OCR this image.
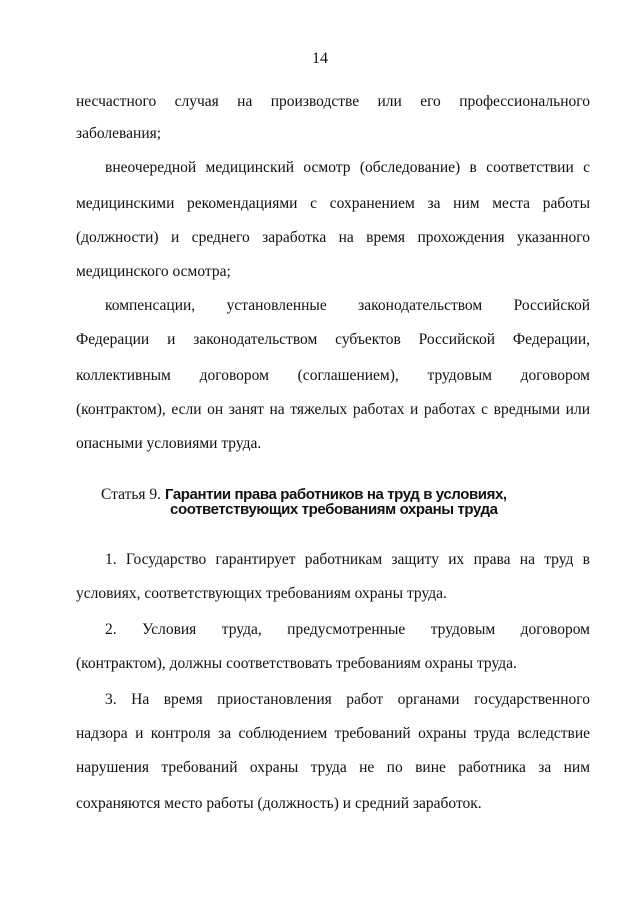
14
несчастного случая на производстве или его профессионального
заболевания;
внеочередной медицинский осмотр (обследование) в соответствии с
медицинскими рекомендациями с сохранением за ним места работы
(должности) и среднего заработка на время прохождения указанного
медицинского осмотра;
компенсации, установленные законодательством Российской
Федерации и законодательством субъектов Российской Федерации,
коллективным договором (соглашением), трудовым договором
(контрактом), если он занят на тяжелых работах и работах с вредными или
опасными условиями труда.
Статья 9. Гарантии права работников на труд в условиях,
соответствующих требованиям охраны труда
1. Государство гарантирует работникам защиту их права на труд в
условиях, соответствующих требованиям охраны труда.
2. Условия труда, предусмотренные трудовым договором
(контрактом), должны соответствовать требованиям охраны труда.
3. На время приостановления работ органами государственного
надзора и контроля за соблюдением требований охраны труда вследствие
нарушения требований охраны труда не по вине работника за ним
сохраняются место работы (должность) и средний заработок.
